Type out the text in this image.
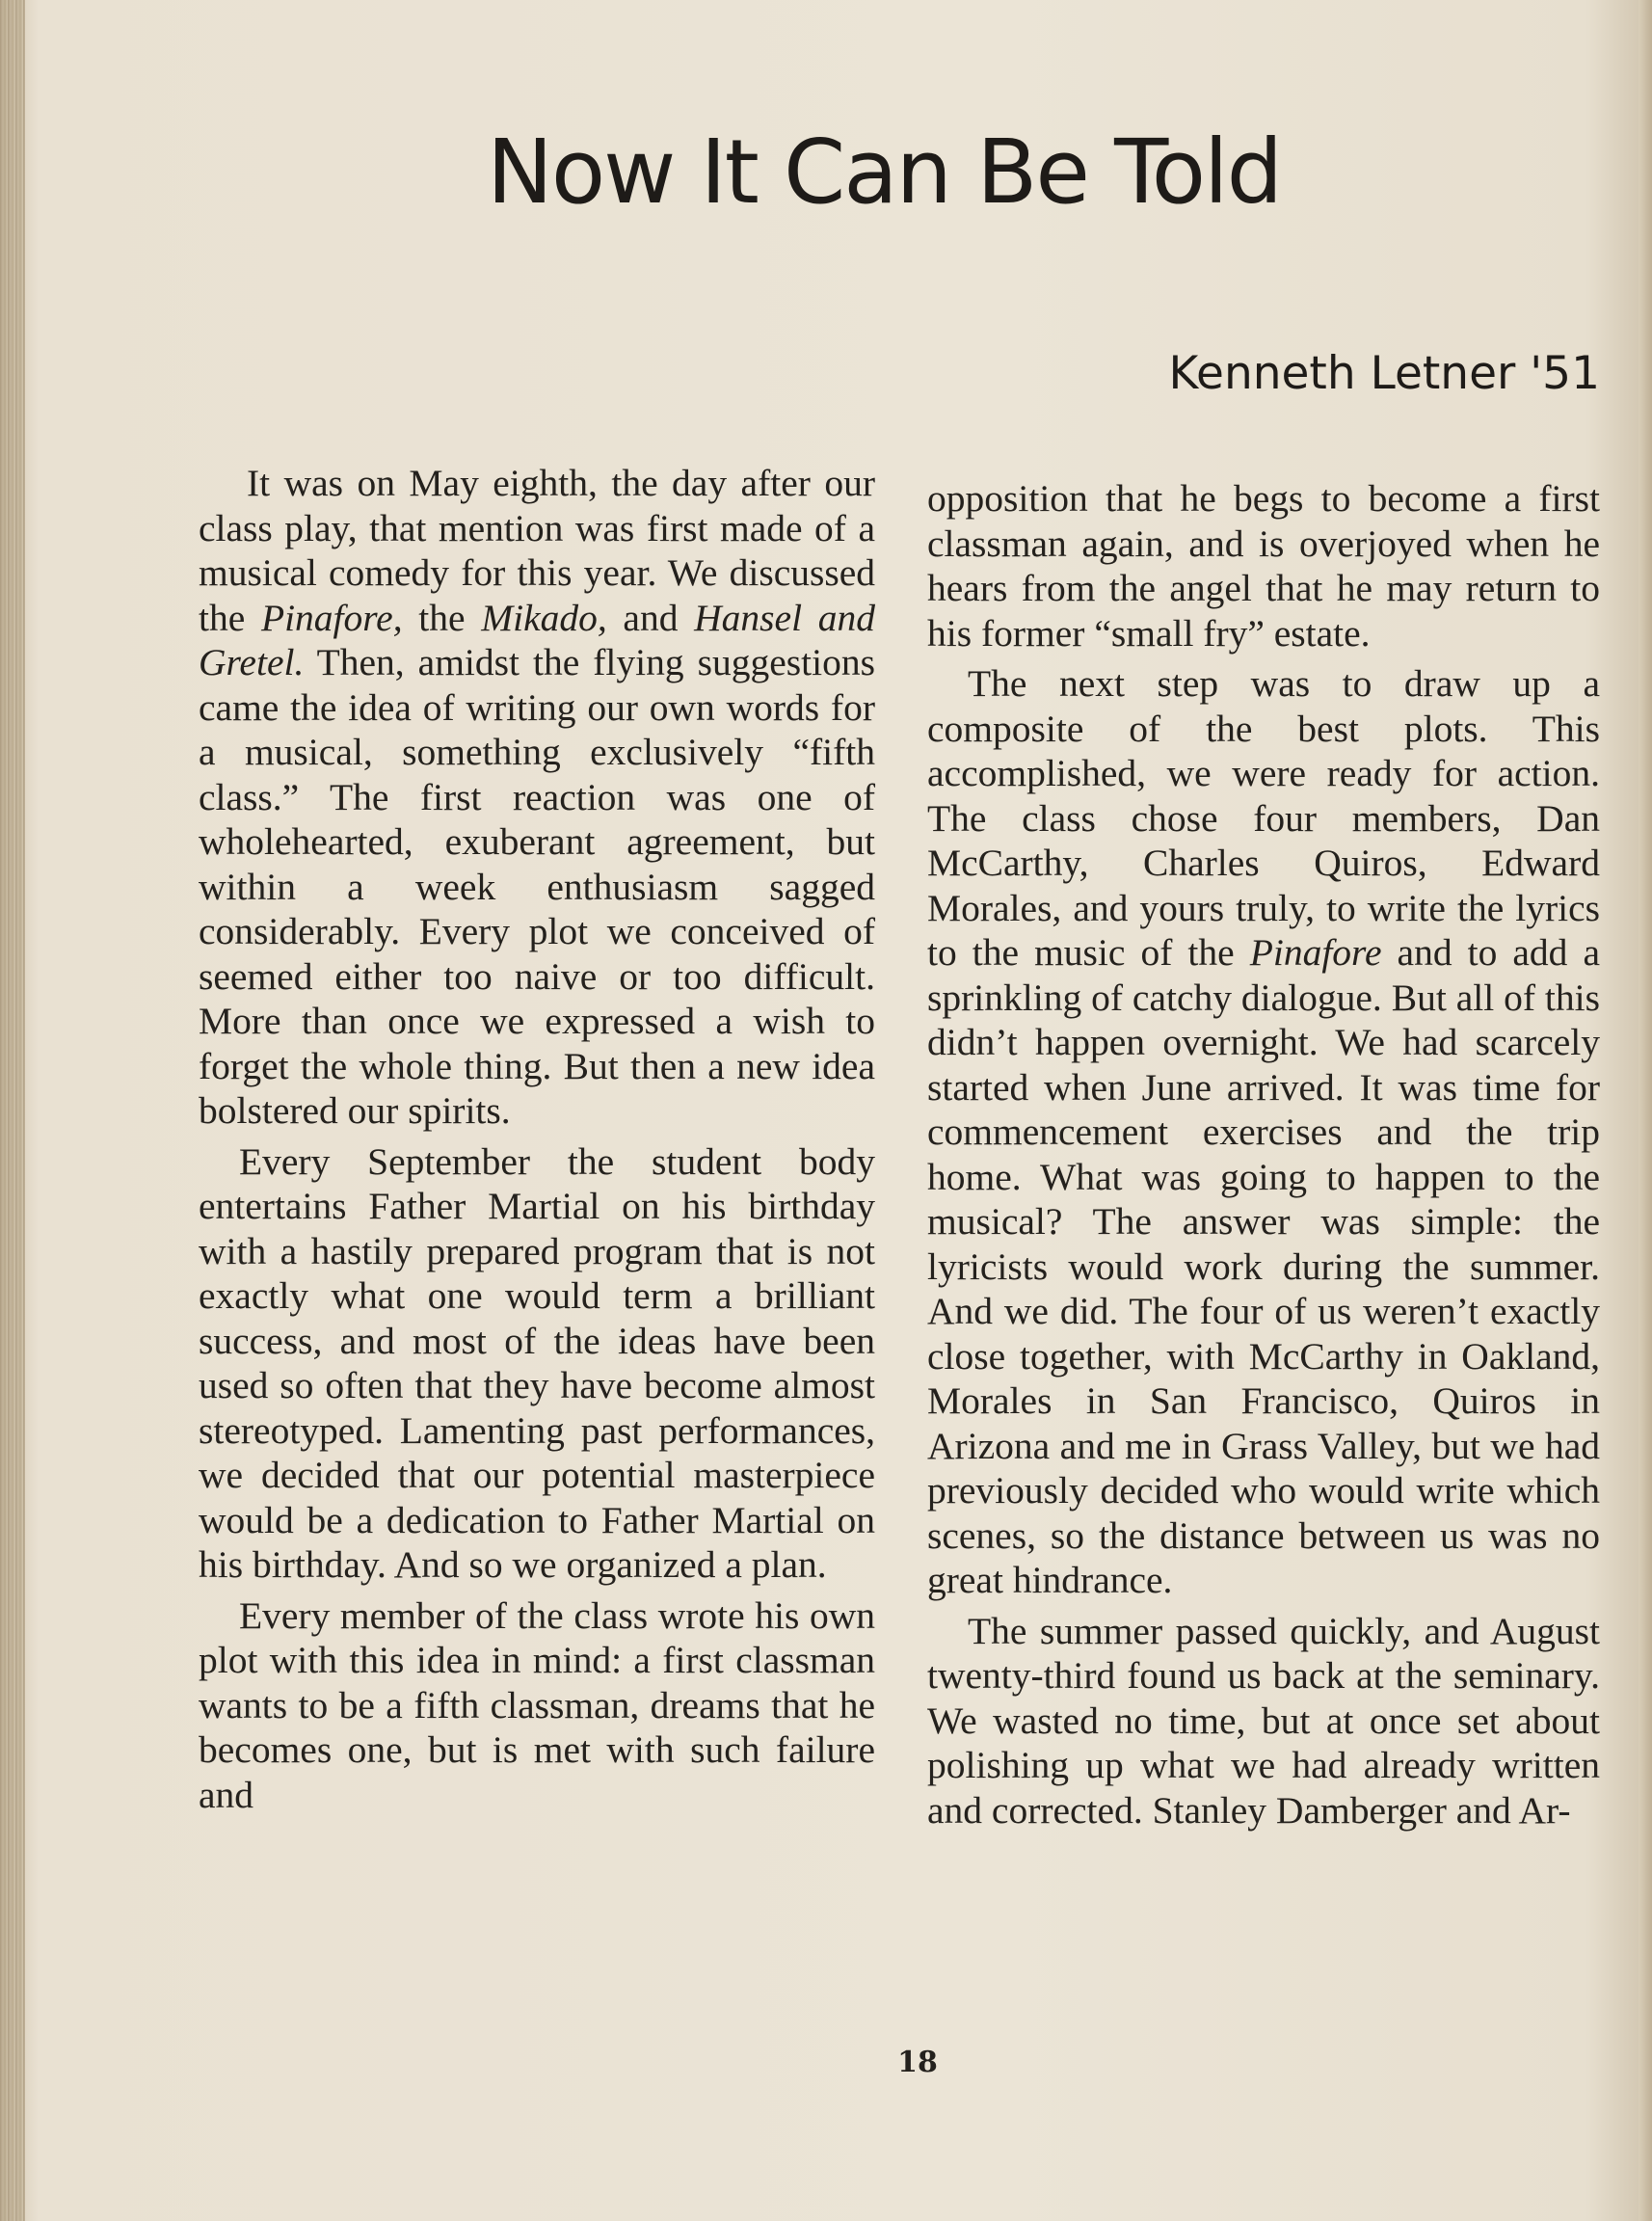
Now It Can Be Told
Kenneth Letner '51

It was on May eighth, the day after our class play, that mention was first made of a musical comedy for this year. We discussed the Pinafore, the Mikado, and Hansel and Gretel. Then, amidst the flying suggestions came the idea of writing our own words for a musical, something exclusively “fifth class.” The first reaction was one of wholehearted, exuberant agreement, but within a week enthusiasm sagged considerably. Every plot we conceived of seemed either too naive or too difficult. More than once we expressed a wish to forget the whole thing. But then a new idea bolstered our spirits.

Every September the student body entertains Father Martial on his birthday with a hastily prepared program that is not exactly what one would term a brilliant success, and most of the ideas have been used so often that they have become almost stereotyped. Lamenting past performances, we decided that our potential masterpiece would be a dedication to Father Martial on his birthday. And so we organized a plan.

Every member of the class wrote his own plot with this idea in mind: a first classman wants to be a fifth classman, dreams that he becomes one, but is met with such failure and

opposition that he begs to become a first classman again, and is overjoyed when he hears from the angel that he may return to his former “small fry” estate.

The next step was to draw up a composite of the best plots. This accomplished, we were ready for action. The class chose four members, Dan McCarthy, Charles Quiros, Edward Morales, and yours truly, to write the lyrics to the music of the Pinafore and to add a sprinkling of catchy dialogue. But all of this didn’t happen overnight. We had scarcely started when June arrived. It was time for commencement exercises and the trip home. What was going to happen to the musical? The answer was simple: the lyricists would work during the summer. And we did. The four of us weren’t exactly close together, with McCarthy in Oakland, Morales in San Francisco, Quiros in Arizona and me in Grass Valley, but we had previously decided who would write which scenes, so the distance between us was no great hindrance.

The summer passed quickly, and August twenty-third found us back at the seminary. We wasted no time, but at once set about polishing up what we had already written and corrected. Stanley Damberger and Ar-

18
